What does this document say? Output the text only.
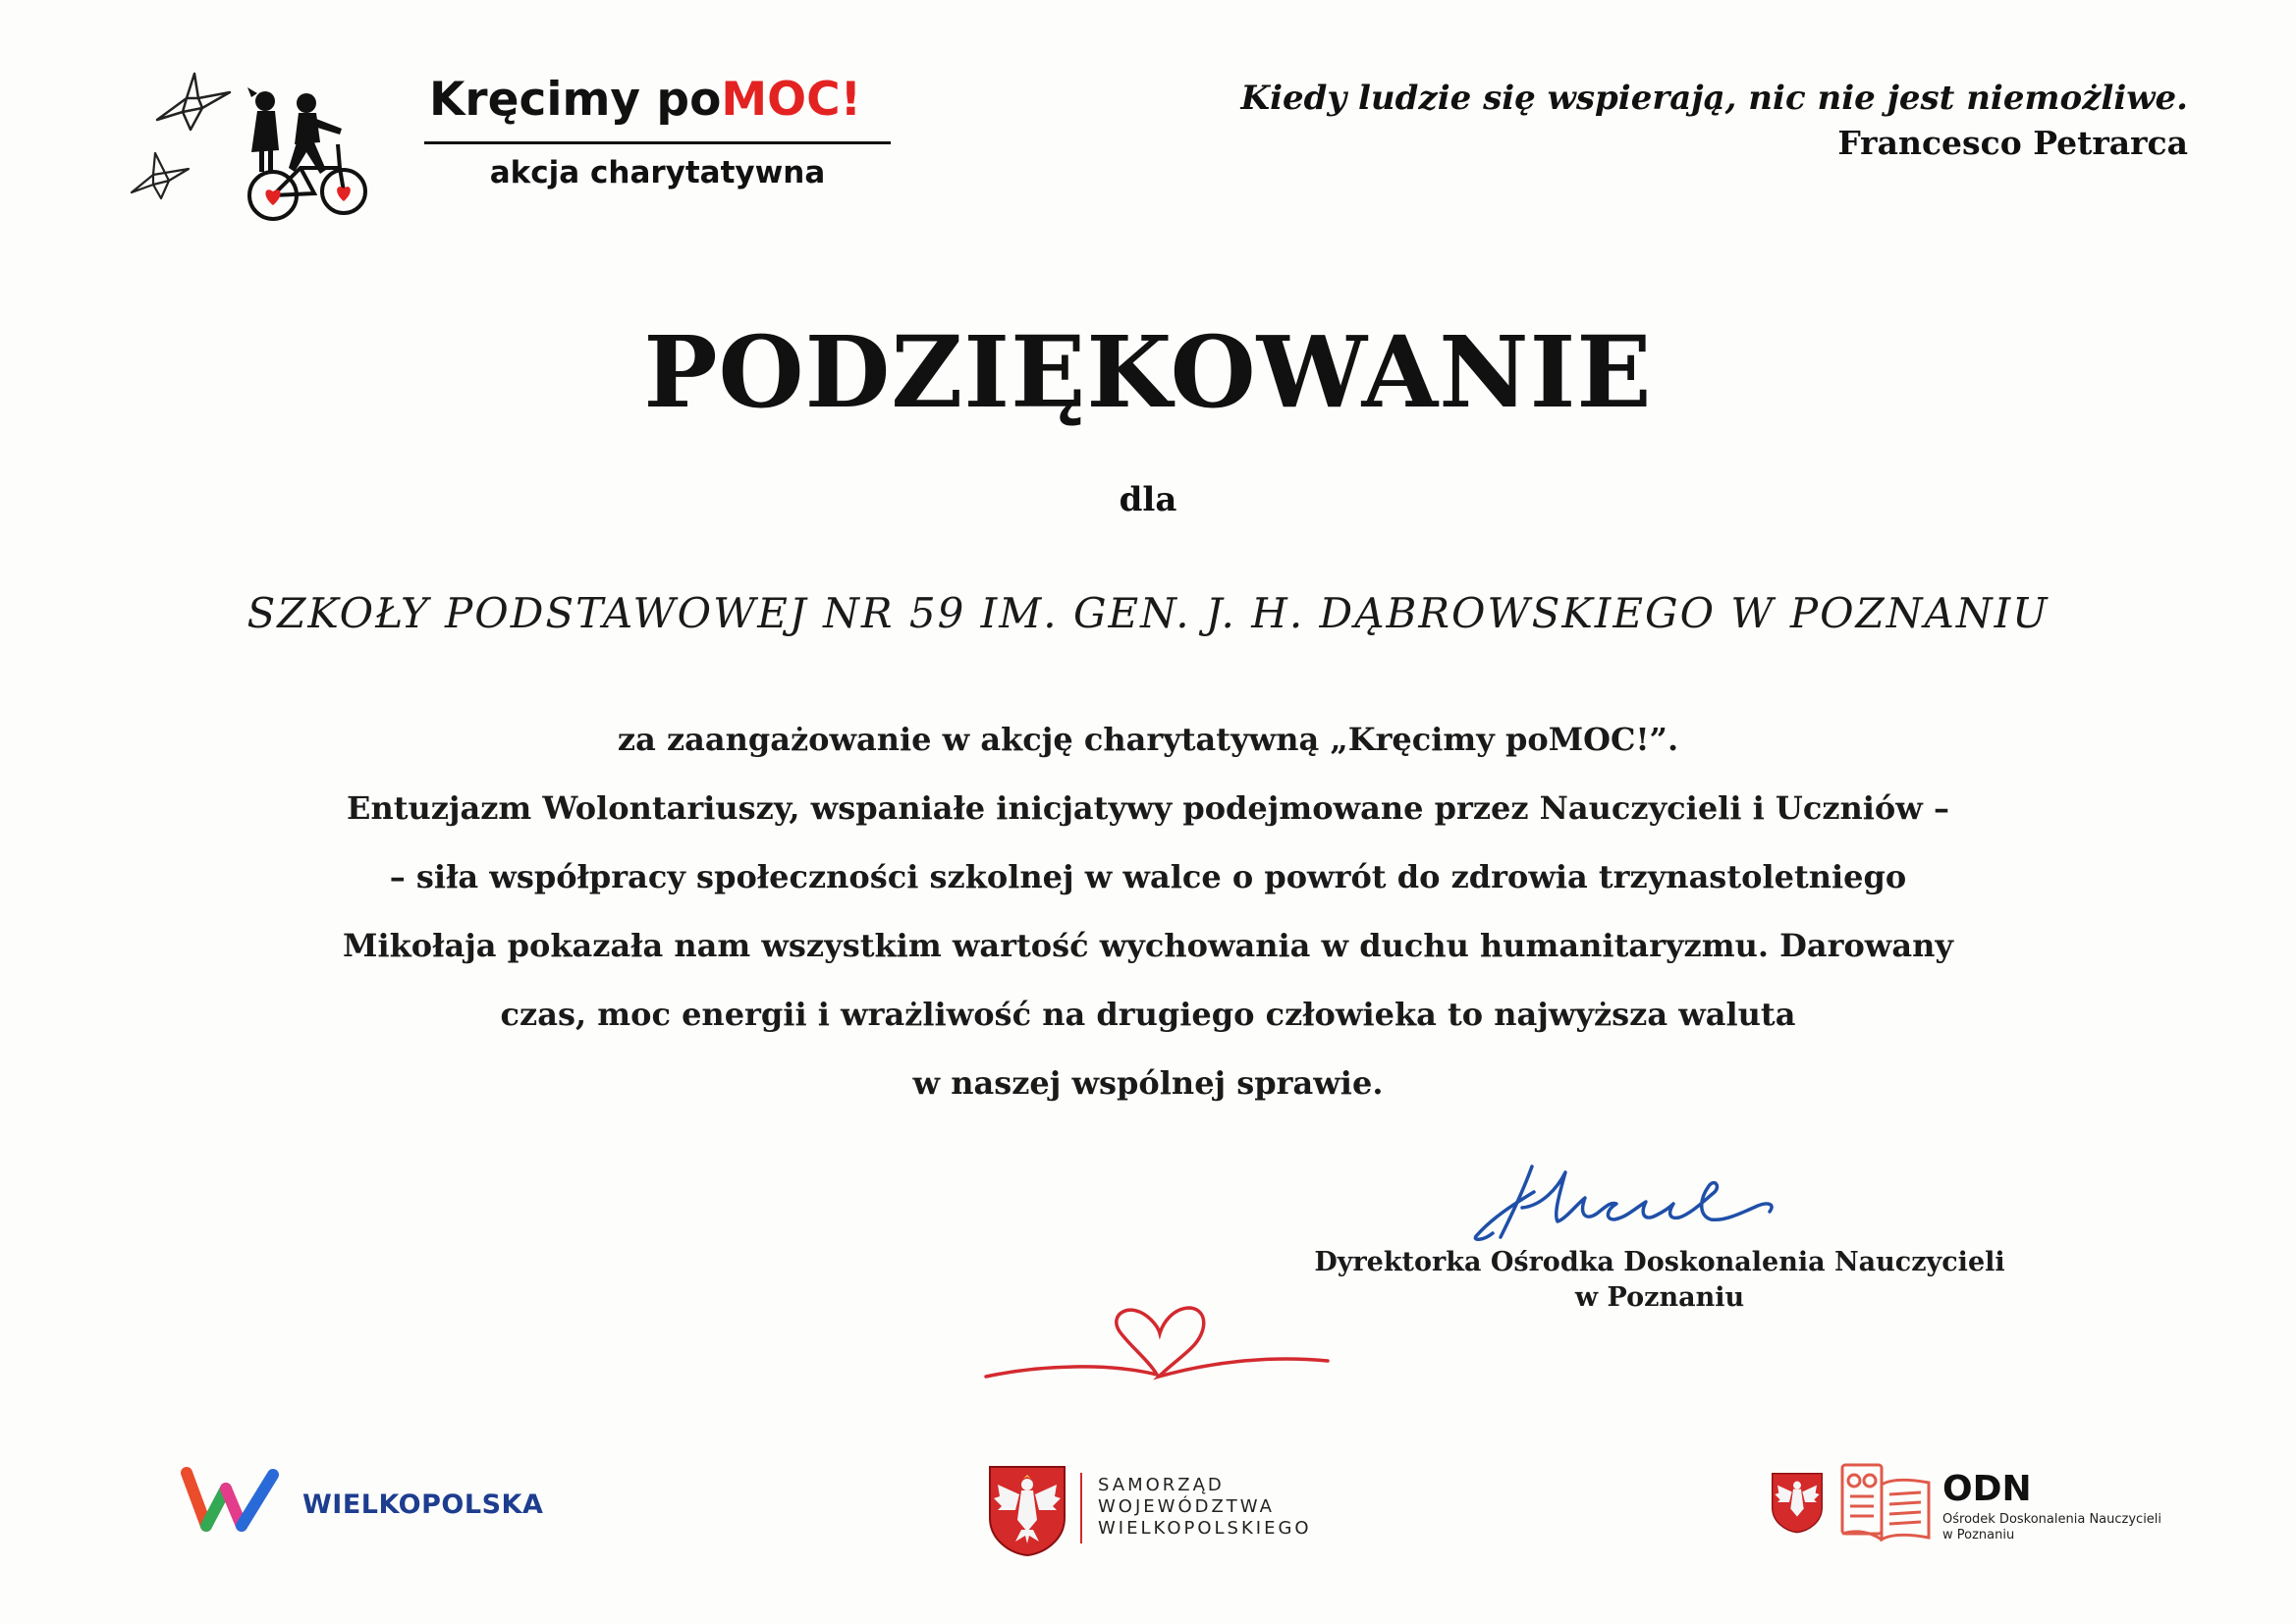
Kręcimy poMOC!
akcja charytatywna
Kiedy ludzie się wspierają, nic nie jest niemożliwe.
Francesco Petrarca
PODZIĘKOWANIE
dla
SZKOŁY PODSTAWOWEJ NR 59 IM. GEN. J. H. DĄBROWSKIEGO W POZNANIU
za zaangażowanie w akcję charytatywną „Kręcimy poMOC!”.
Entuzjazm Wolontariuszy, wspaniałe inicjatywy podejmowane przez Nauczycieli i Uczniów –
– siła współpracy społeczności szkolnej w walce o powrót do zdrowia trzynastoletniego
Mikołaja pokazała nam wszystkim wartość wychowania w duchu humanitaryzmu. Darowany
czas, moc energii i wrażliwość na drugiego człowieka to najwyższa waluta
w naszej wspólnej sprawie.
Dyrektorka Ośrodka Doskonalenia Nauczycieli
w Poznaniu
WIELKOPOLSKA
SAMORZĄD
WOJEWÓDZTWA
WIELKOPOLSKIEGO
ODN
Ośrodek Doskonalenia Nauczycieli
w Poznaniu
